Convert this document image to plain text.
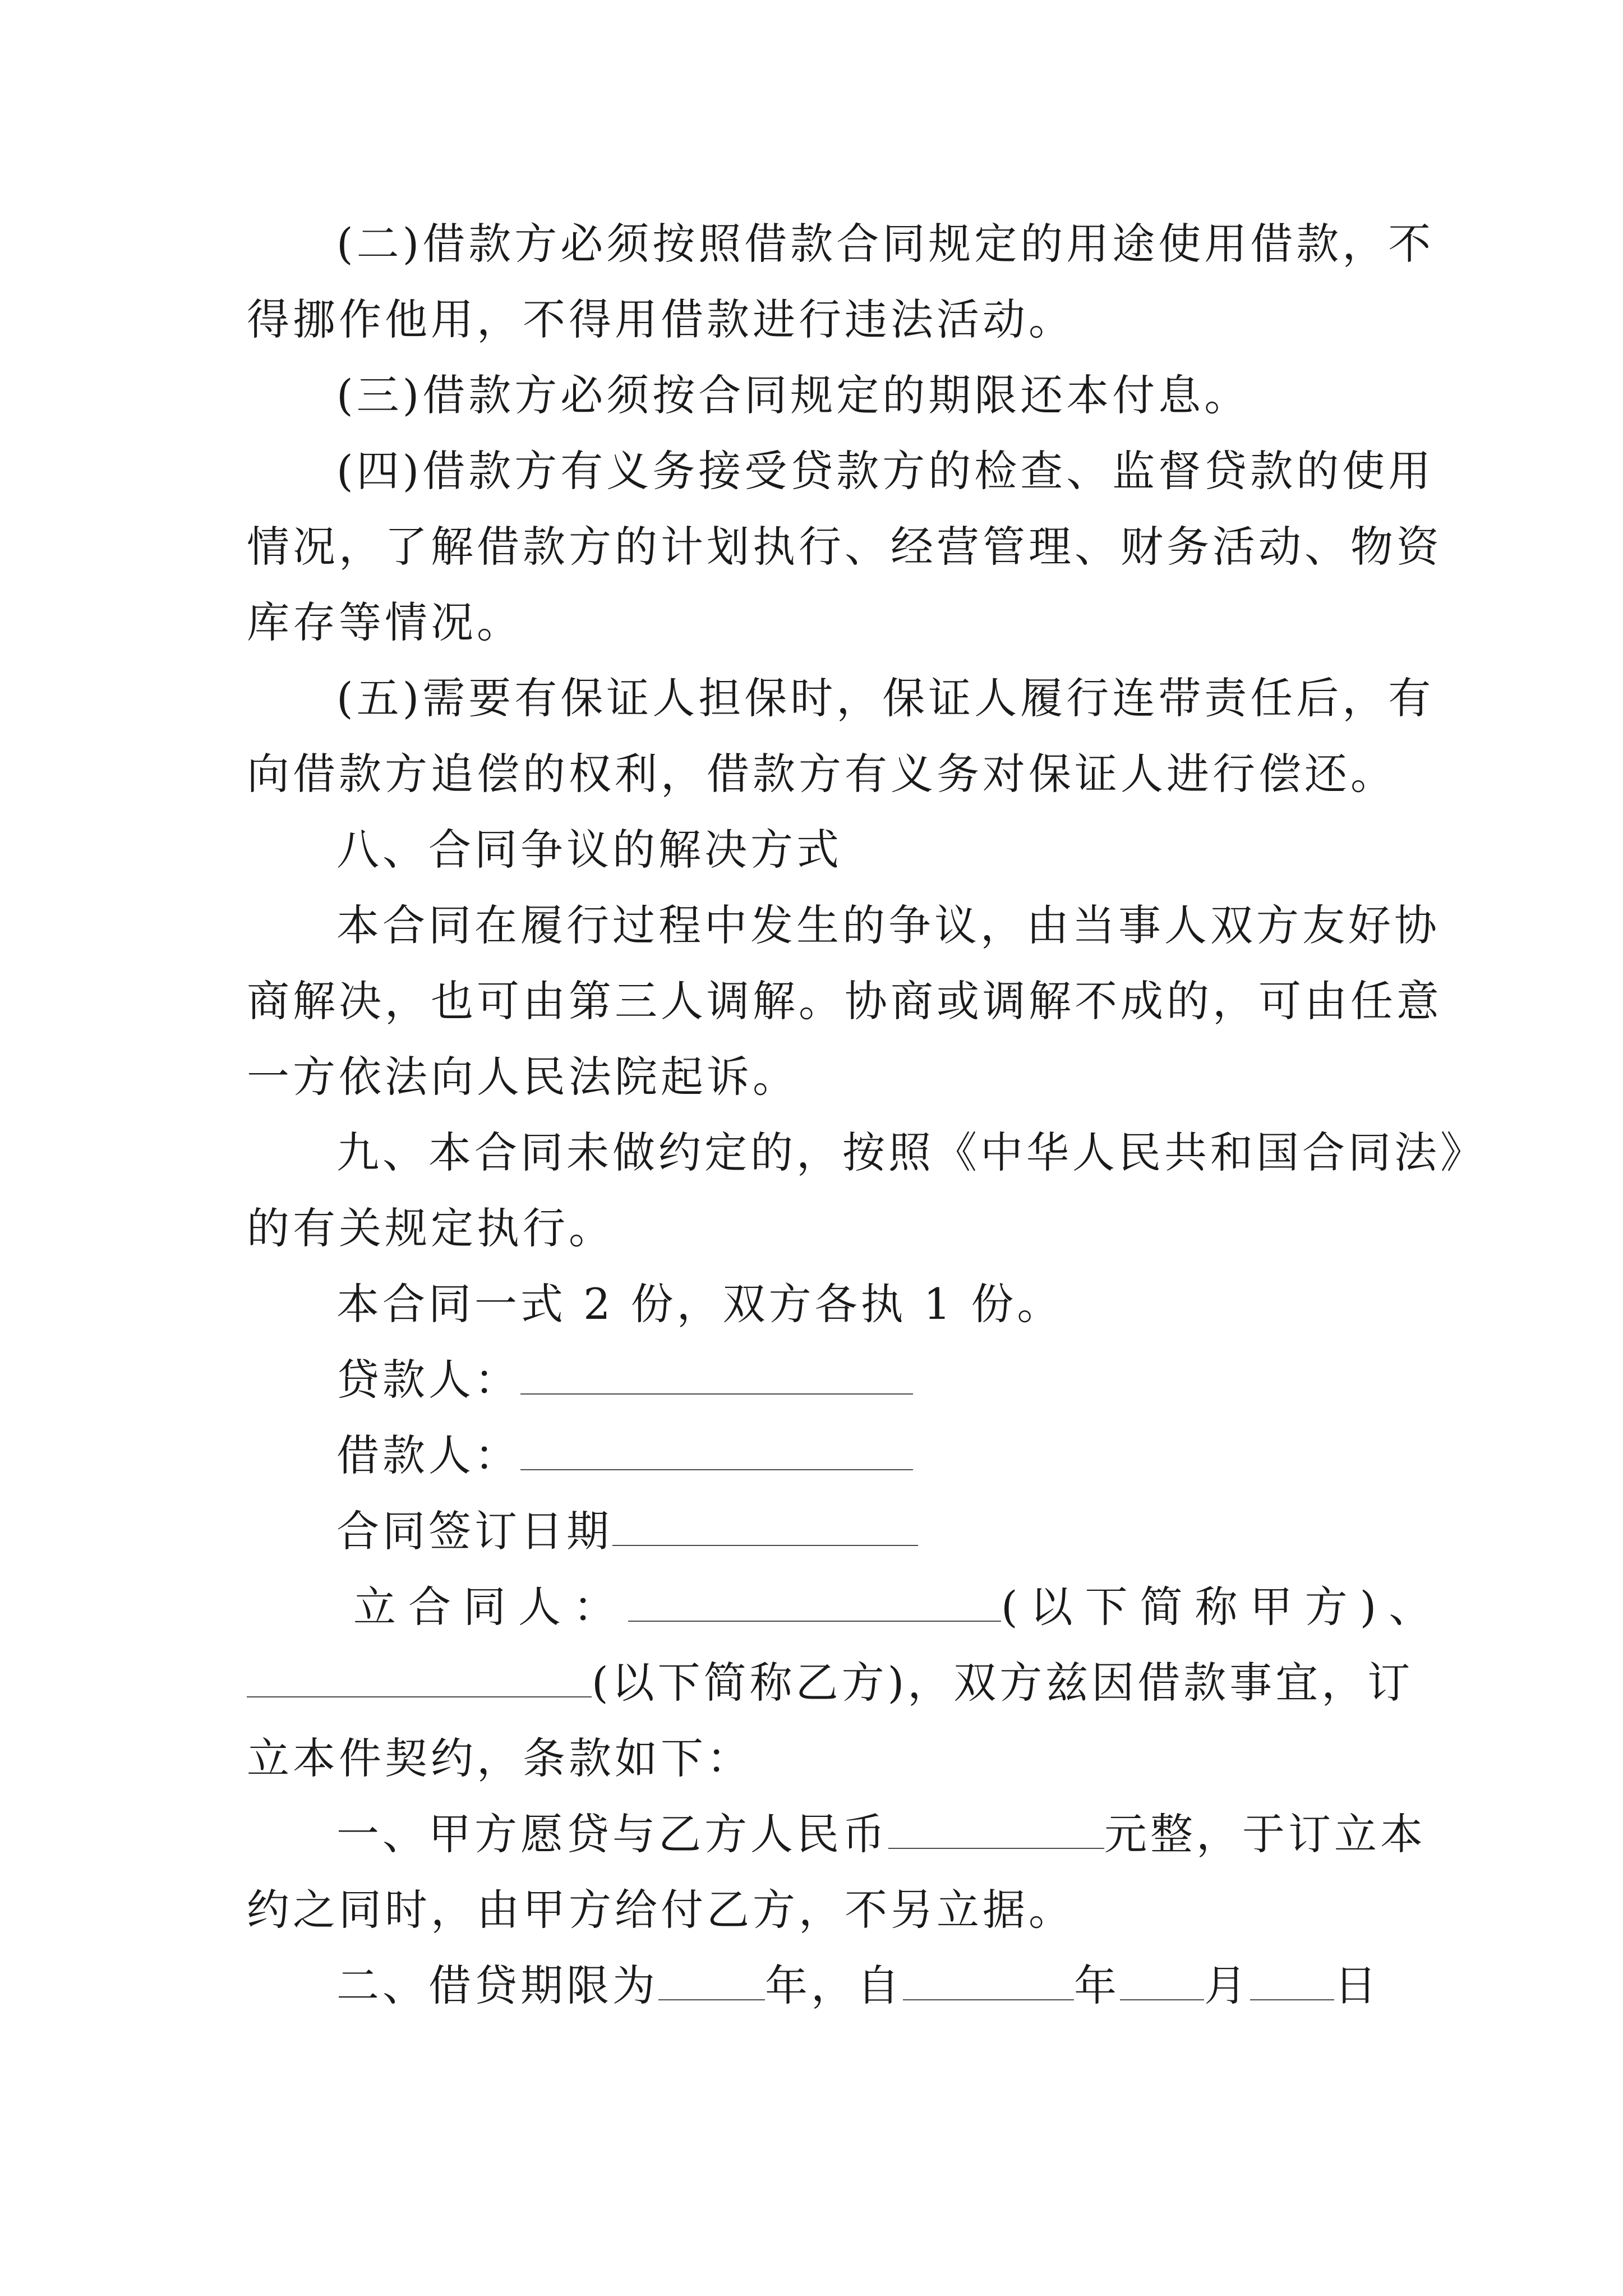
(二)借款方必须按照借款合同规定的用途使用借款，不
得挪作他用，不得用借款进行违法活动。
(三)借款方必须按合同规定的期限还本付息。
(四)借款方有义务接受贷款方的检查、监督贷款的使用
情况，了解借款方的计划执行、经营管理、财务活动、物资
库存等情况。
(五)需要有保证人担保时，保证人履行连带责任后，有
向借款方追偿的权利，借款方有义务对保证人进行偿还。
八、合同争议的解决方式
本合同在履行过程中发生的争议，由当事人双方友好协
商解决，也可由第三人调解。协商或调解不成的，可由任意
一方依法向人民法院起诉。
九、本合同未做约定的，按照《中华人民共和国合同法》
的有关规定执行。
本合同一式 2 份，双方各执 1 份。
贷款人：
借款人：
合同签订日期
立合同人：	(以下简称甲方)、
(以下简称乙方)，双方兹因借款事宜，订
立本件契约，条款如下：
一、甲方愿贷与乙方人民币	元整，于订立本
约之同时，由甲方给付乙方，不另立据。
二、借贷期限为	年，自	年 月 日
